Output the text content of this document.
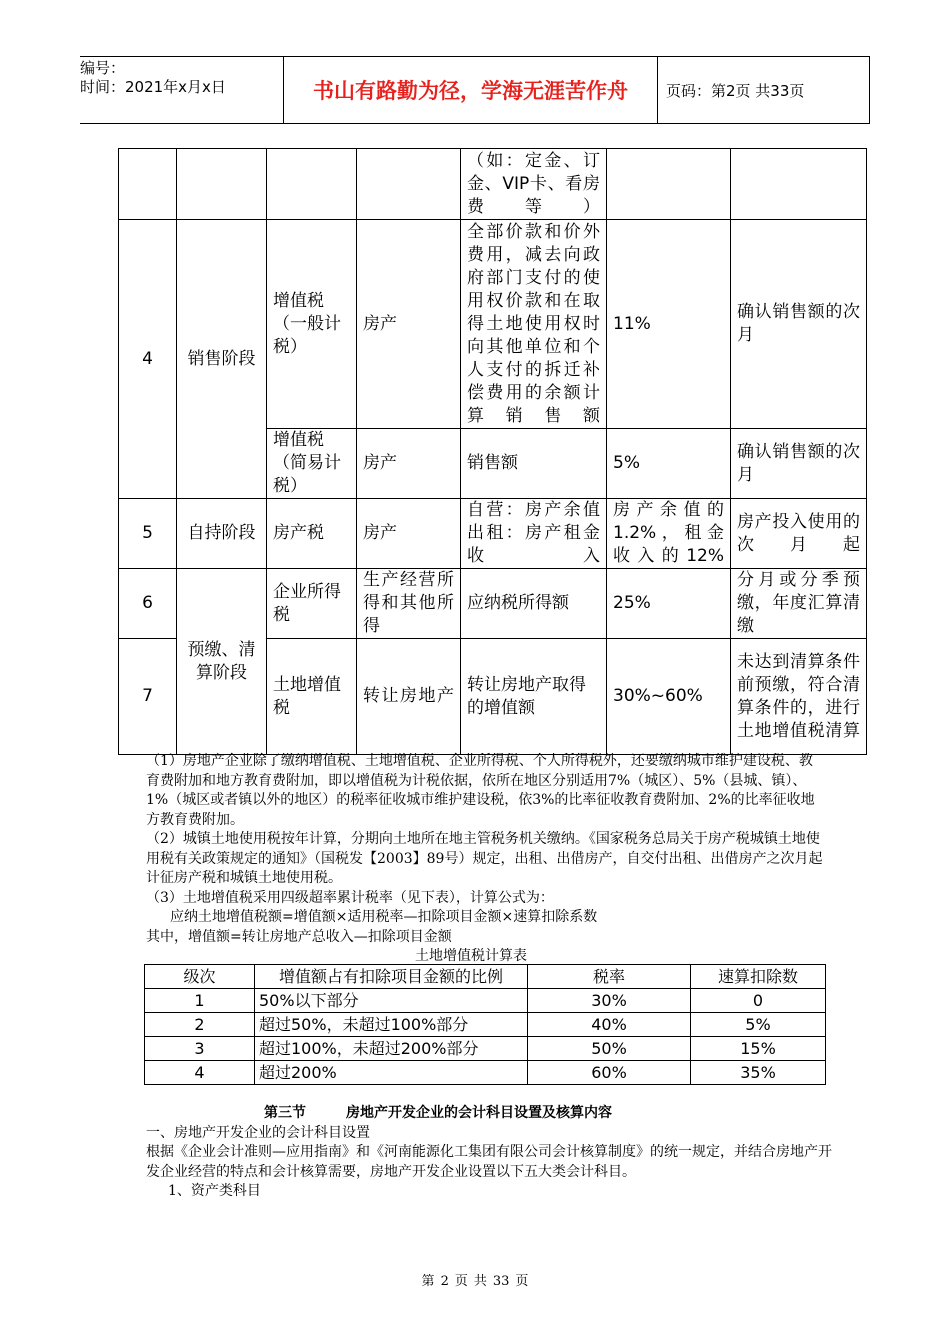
编号：
时间：2021年x月x日	书山有路勤为径，学海无涯苦作舟	页码：第2页 共33页
				（如：定金、订金、VIP卡、看房费等）		
4	销售阶段	增值税（一般计税）	房产	全部价款和价外费用，减去向政府部门支付的使用权价款和在取得土地使用权时向其他单位和个人支付的拆迁补偿费用的余额计算销售额	11%	确认销售额的次月
		增值税（简易计税）	房产	销售额	5%	确认销售额的次月
5	自持阶段	房产税	房产	自营：房产余值出租：房产租金收入	房产余值的1.2%，租金收入的12%	房产投入使用的次月起
6	预缴、清算阶段	企业所得税	生产经营所得和其他所得	应纳税所得额	25%	分月或分季预缴，年度汇算清缴
7		土地增值税	转让房地产	转让房地产取得的增值额	30%~60%	未达到清算条件前预缴，符合清算条件的，进行土地增值税清算

（1）房地产企业除了缴纳增值税、土地增值税、企业所得税、个人所得税外，还要缴纳城市维护建设税、教育费附加和地方教育费附加，即以增值税为计税依据，依所在地区分别适用7%（城区）、5%（县城、镇）、1%（城区或者镇以外的地区）的税率征收城市维护建设税，依3%的比率征收教育费附加、2%的比率征收地方教育费附加。

（2）城镇土地使用税按年计算，分期向土地所在地主管税务机关缴纳。《国家税务总局关于房产税城镇土地使用税有关政策规定的通知》（国税发【2003】89号）规定，出租、出借房产，自交付出租、出借房产之次月起计征房产税和城镇土地使用税。

（3）土地增值税采用四级超率累计税率（见下表），计算公式为：

应纳土地增值税额=增值额×适用税率—扣除项目金额×速算扣除系数

其中，增值额=转让房地产总收入—扣除项目金额

土地增值税计算表

级次	增值额占有扣除项目金额的比例	税率	速算扣除数
1	50%以下部分	30%	0
2	超过50%，未超过100%部分	40%	5%
3	超过100%，未超过200%部分	50%	15%
4	超过200%	60%	35%

第三节	房地产开发企业的会计科目设置及核算内容

一、房地产开发企业的会计科目设置

根据《企业会计准则—应用指南》和《河南能源化工集团有限公司会计核算制度》的统一规定，并结合房地产开发企业经营的特点和会计核算需要，房地产开发企业设置以下五大类会计科目。

1、资产类科目

第 2 页 共 33 页
